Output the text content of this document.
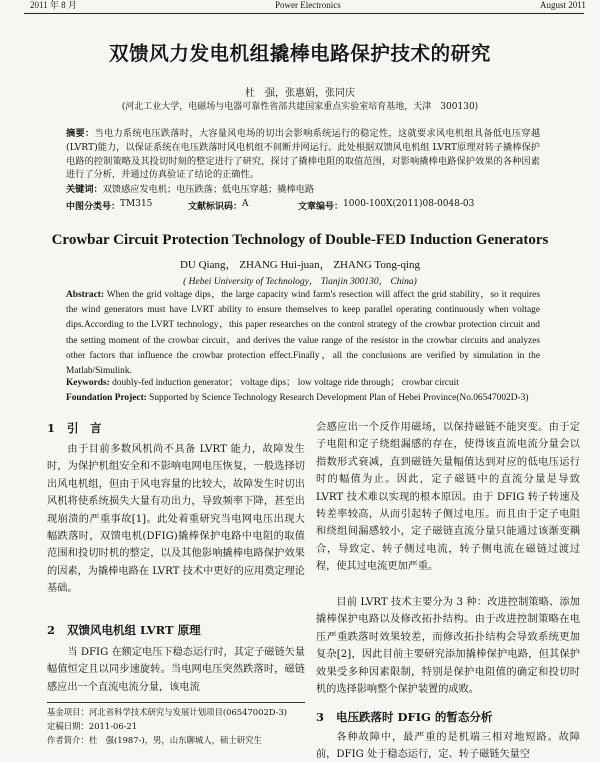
2011 年 8 月	Power Electronics	August 2011
双馈风力发电机组撬棒电路保护技术的研究
杜　强，张惠娟，张同庆
(河北工业大学，电磁场与电器可靠性省部共建国家重点实验室培育基地，天津　300130)
摘要：当电力系统电压跌落时，大容量风电场的切出会影响系统运行的稳定性，这就要求风电机组具备低电压穿越(LVRT)能力，以保证系统在电压跌落时风电机组不间断并网运行。此处根据双馈风电机组 LVRT原理对转子撬棒保护电路的控制策略及其投切时刻的整定进行了研究，探讨了撬棒电阻的取值范围，对影响撬棒电路保护效果的各种因素进行了分析，并通过仿真验证了结论的正确性。
关键词：双馈感应发电机；电压跌落；低电压穿越；撬棒电路
中图分类号： TM315	文献标识码： A	文章编号： 1000-100X(2011)08-0048-03
Crowbar Circuit Protection Technology of Double-FED Induction Generators
DU Qiang， ZHANG Hui-juan， ZHANG Tong-qing
( Hebei University of Technology， Tianjin 300130， China)
Abstract: When the grid voltage dips，the large capacity wind farm's resection will affect the grid stability，so it requires the wind generators must have LVRT ability to ensure themselves to keep parallel operating continuously when voltage dips.According to the LVRT technology，this paper researches on the control strategy of the crowbar protection circuit and the setting moment of the crowbar circuit，and derives the value range of the resistor in the crowbar circuits and analyzes other factors that influence the crowbar protection effect.Finally，all the conclusions are verified by simulation in the Matlab/Simulink.
Keywords: doubly-fed induction generator； voltage dips； low voltage ride through； crowbar circuit
Foundation Project: Supported by Science Technology Research Development Plan of Hebei Province(No.06547002D-3)
1 引　言
由于目前多数风机尚不具备 LVRT 能力，故障发生时，为保护机组安全和不影响电网电压恢复，一般选择切出风电机组，但由于风电容量的比较大，故障发生时切出风机将使系统损失大量有功出力，导致频率下降，甚至出现崩溃的严重事故[1]。此处着重研究当电网电压出现大幅跌落时，双馈电机(DFIG)撬棒保护电路中电阻的取值范围和投切时机的整定，以及其他影响撬棒电路保护效果的因素，为撬棒电路在 LVRT 技术中更好的应用奠定理论基础。
2 双馈风电机组 LVRT 原理
当 DFIG 在额定电压下稳态运行时，其定子磁链矢量幅值恒定且以同步速旋转。当电网电压突然跌落时，磁链感应出一个直流电流分量，该电流
基金项目：河北省科学技术研究与发展计划项目(06547002D-3)
定稿日期：2011-06-21
作者简介：杜　强(1987-)，男，山东聊城人，硕士研究生
会感应出一个反作用磁场，以保持磁链不能突变。由于定子电阻和定子绕组漏感的存在，使得该直流电流分量会以指数形式衰减，直到磁链矢量幅值达到对应的低电压运行时的幅值为止。因此，定子磁链中的直流分量是导致 LVRT 技术难以实现的根本原因。由于 DFIG 转子转速及转差率较高，从而引起转子侧过电压。而且由于定子电阻和绕组间漏感较小，定子磁链直流分量只能通过该渐变耦合，导致定、转子侧过电流，转子侧电流在磁链过渡过程，使其过电流更加严重。
目前 LVRT 技术主要分为 3 种：改进控制策略、添加撬棒保护电路以及修改拓扑结构。由于改进控制策略在电压严重跌落时效果较差，而修改拓扑结构会导致系统更加复杂[2]，因此目前主要研究添加撬棒保护电路，但其保护效果受多种因素限制，特别是保护电阻值的确定和投切时机的选择影响整个保护装置的成败。
3 电压跌落时 DFIG 的暂态分析
各种故障中，最严重的是机端三相对地短路。故障前，DFIG 处于稳态运行，定、转子磁链矢量空
